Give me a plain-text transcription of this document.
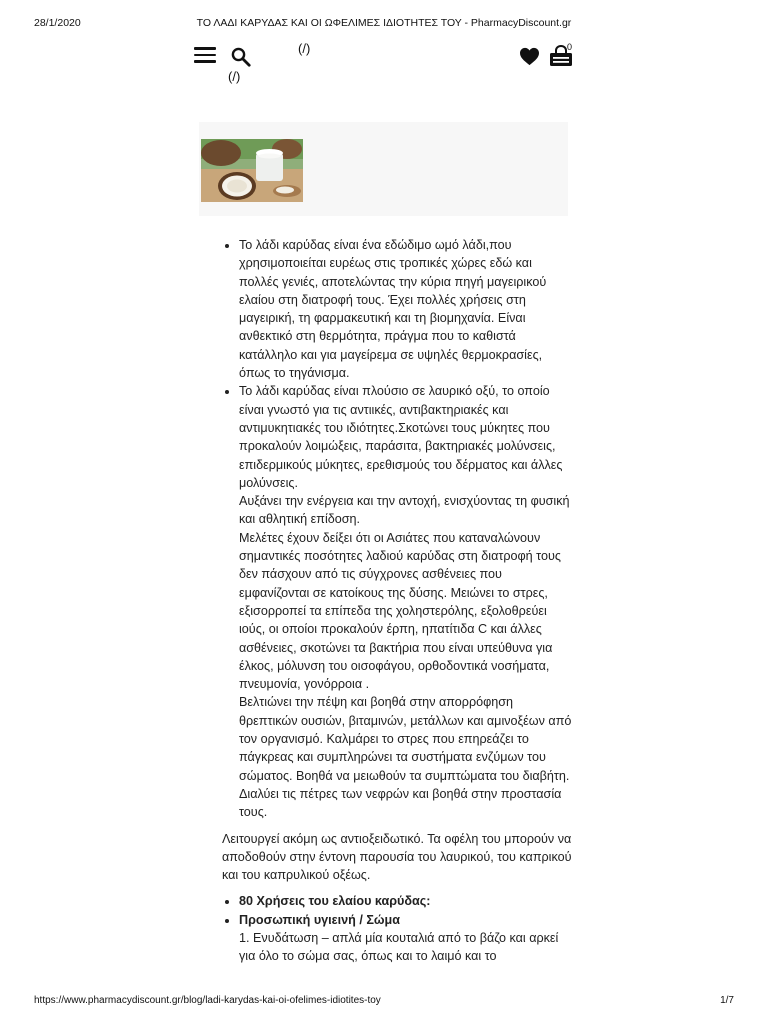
28/1/2020	ΤΟ ΛΑΔΙ ΚΑΡΥΔΑΣ ΚΑΙ ΟΙ ΩΦΕΛΙΜΕΣ ΙΔΙΟΤΗΤΕΣ ΤΟΥ - PharmacyDiscount.gr
(/)
(/)	0
• Το λάδι καρύδας είναι ένα εδώδιμο ωμό λάδι,που χρησιμοποιείται ευρέως στις τροπικές χώρες εδώ και πολλές γενιές, αποτελώντας την κύρια πηγή μαγειρικού ελαίου στη διατροφή τους. Έχει πολλές χρήσεις στη μαγειρική, τη φαρμακευτική και τη βιομηχανία. Είναι ανθεκτικό στη θερμότητα, πράγμα που το καθιστά κατάλληλο και για μαγείρεμα σε υψηλές θερμοκρασίες, όπως το τηγάνισμα.
• Το λάδι καρύδας είναι πλούσιο σε λαυρικό οξύ, το οποίο είναι γνωστό για τις αντιικές, αντιβακτηριακές και αντιμυκητιακές του ιδιότητες.Σκοτώνει τους μύκητες που προκαλούν λοιμώξεις, παράσιτα, βακτηριακές μολύνσεις, επιδερμικούς μύκητες, ερεθισμούς του δέρματος και άλλες μολύνσεις.
Αυξάνει την ενέργεια και την αντοχή, ενισχύοντας τη φυσική και αθλητική επίδοση.
Μελέτες έχουν δείξει ότι οι Ασιάτες που καταναλώνουν σημαντικές ποσότητες λαδιού καρύδας στη διατροφή τους δεν πάσχουν από τις σύγχρονες ασθένειες που εμφανίζονται σε κατοίκους της δύσης. Μειώνει το στρες, εξισορροπεί τα επίπεδα της χοληστερόλης, εξολοθρεύει ιούς, οι οποίοι προκαλούν έρπη, ηπατίτιδα C και άλλες ασθένειες, σκοτώνει τα βακτήρια που είναι υπεύθυνα για έλκος, μόλυνση του οισοφάγου, ορθοδοντικά νοσήματα, πνευμονία, γονόρροια .
Βελτιώνει την πέψη και βοηθά στην απορρόφηση θρεπτικών ουσιών, βιταμινών, μετάλλων και αμινοξέων από τον οργανισμό. Καλμάρει το στρες που επηρεάζει το πάγκρεας και συμπληρώνει τα συστήματα ενζύμων του σώματος. Βοηθά να μειωθούν τα συμπτώματα του διαβήτη. Διαλύει τις πέτρες των νεφρών και βοηθά στην προστασία τους.

Λειτουργεί ακόμη ως αντιοξειδωτικό. Τα οφέλη του μπορούν να αποδοθούν στην έντονη παρουσία του λαυρικού, του καπρικού και του καπρυλικού οξέως.

• 80 Χρήσεις του ελαίου καρύδας:
• Προσωπική υγιεινή / Σώμα
1. Ενυδάτωση – απλά μία κουταλιά από το βάζο και αρκεί για όλο το σώμα σας, όπως και το λαιμό και το
https://www.pharmacydiscount.gr/blog/ladi-karydas-kai-oi-ofelimes-idiotites-toy	1/7
